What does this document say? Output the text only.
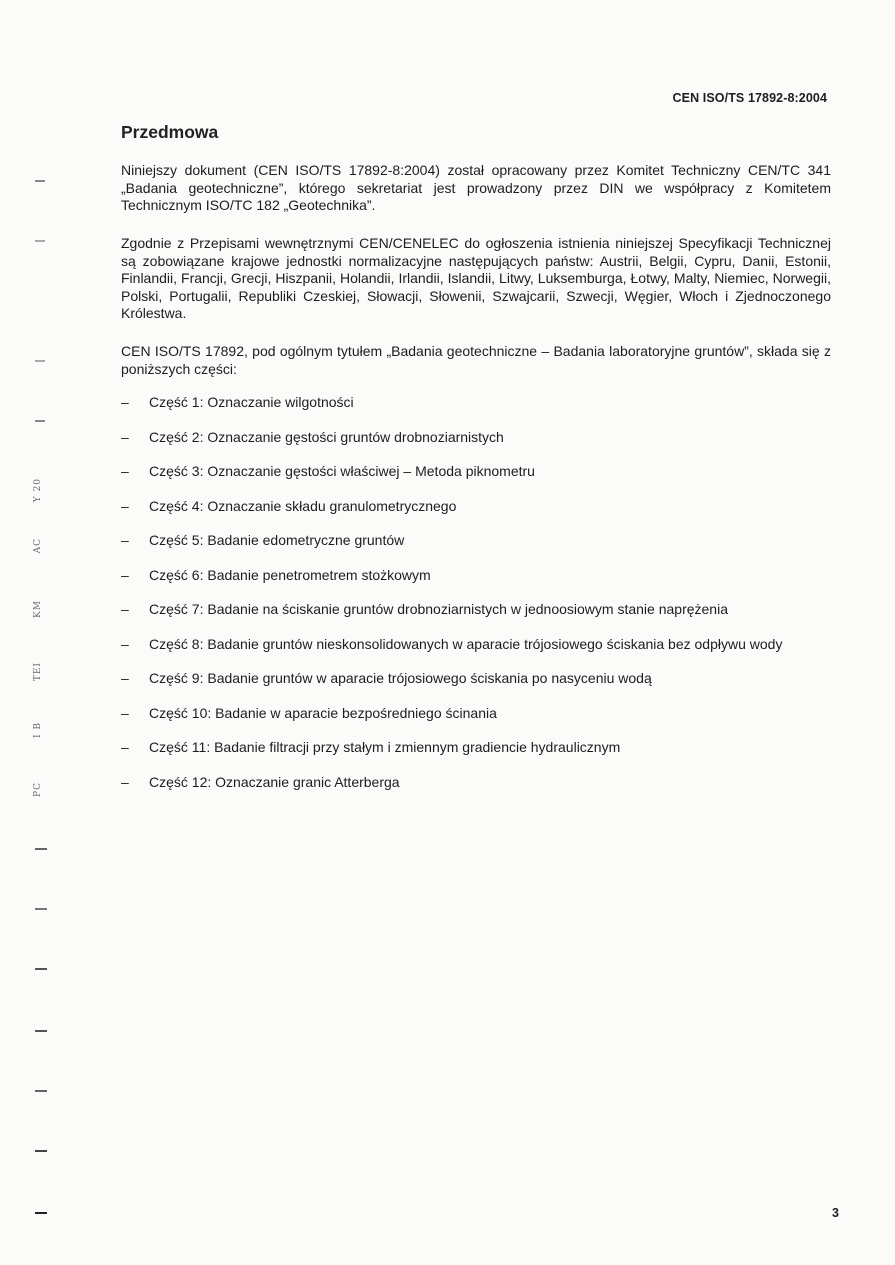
CEN ISO/TS 17892-8:2004
Przedmowa

Niniejszy dokument (CEN ISO/TS 17892-8:2004) został opracowany przez Komitet Techniczny CEN/TC 341 „Badania geotechniczne”, którego sekretariat jest prowadzony przez DIN we współpracy z Komitetem Technicznym ISO/TC 182 „Geotechnika”.

Zgodnie z Przepisami wewnętrznymi CEN/CENELEC do ogłoszenia istnienia niniejszej Specyfikacji Technicznej są zobowiązane krajowe jednostki normalizacyjne następujących państw: Austrii, Belgii, Cypru, Danii, Estonii, Finlandii, Francji, Grecji, Hiszpanii, Holandii, Irlandii, Islandii, Litwy, Luksemburga, Łotwy, Malty, Niemiec, Norwegii, Polski, Portugalii, Republiki Czeskiej, Słowacji, Słowenii, Szwajcarii, Szwecji, Węgier, Włoch i Zjednoczonego Królestwa.

CEN ISO/TS 17892, pod ogólnym tytułem „Badania geotechniczne – Badania laboratoryjne gruntów”, składa się z poniższych części:

– Część 1: Oznaczanie wilgotności
– Część 2: Oznaczanie gęstości gruntów drobnoziarnistych
– Część 3: Oznaczanie gęstości właściwej – Metoda piknometru
– Część 4: Oznaczanie składu granulometrycznego
– Część 5: Badanie edometryczne gruntów
– Część 6: Badanie penetrometrem stożkowym
– Część 7: Badanie na ściskanie gruntów drobnoziarnistych w jednoosiowym stanie naprężenia
– Część 8: Badanie gruntów nieskonsolidowanych w aparacie trójosiowego ściskania bez odpływu wody
– Część 9: Badanie gruntów w aparacie trójosiowego ściskania po nasyceniu wodą
– Część 10: Badanie w aparacie bezpośredniego ścinania
– Część 11: Badanie filtracji przy stałym i zmiennym gradiencie hydraulicznym
– Część 12: Oznaczanie granic Atterberga
3
Y 20
AC
KM
TEI
I B
PC
